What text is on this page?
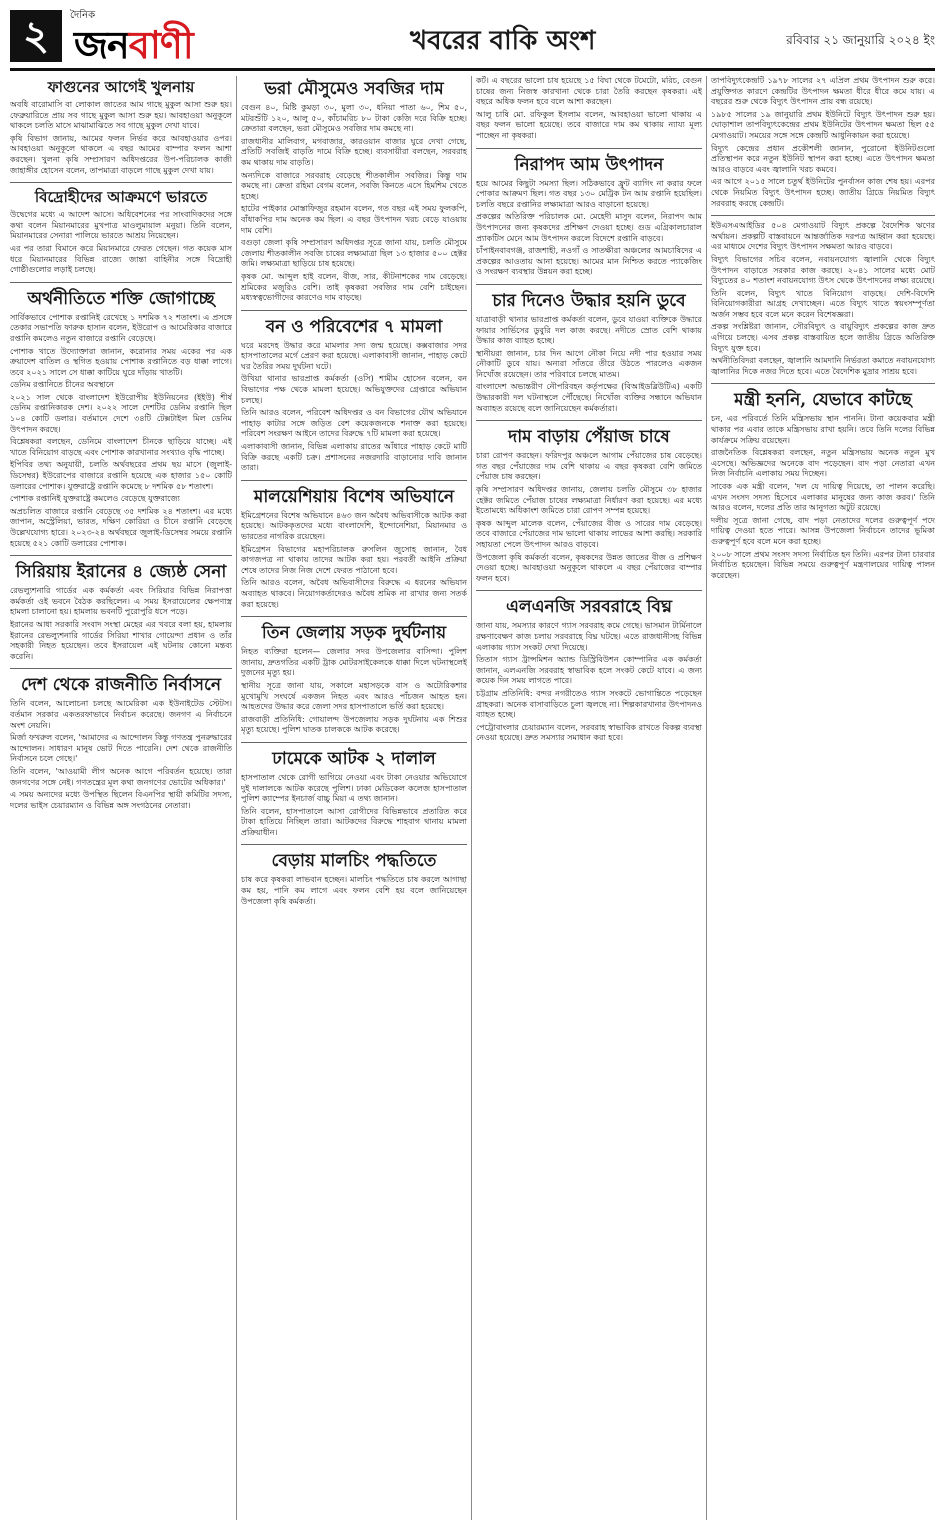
২	দৈনিক
জনবাণী	খবরের বাকি অংশ	রবিবার ২১ জানুয়ারি ২০২৪ ইং
ফাগুনের আগেই খুলনায়

অবধি বারোমাসি বা লোকাল জাতের আম গাছে মুকুল আসা শুরু হয়। ফেব্রুয়ারিতে প্রায় সব গাছে মুকুল আসা শুরু হয়। আবহাওয়া অনুকূলে থাকলে চলতি মাসে মাঝামাঝিতে সব গাছে মুকুল দেখা যাবে।

কৃষি বিভাগ জানায়, আমের ফলন নির্ভর করে আবহাওয়ার ওপর। আবহাওয়া অনুকূলে থাকলে এ বছর আমের বাম্পার ফলন আশা করছেন। খুলনা কৃষি সম্প্রসারণ অধিদপ্তরের উপ-পরিচালক কাজী জাহাঙ্গীর হোসেন বলেন, তাপমাত্রা বাড়লে গাছে মুকুল দেখা যায়।

বিদ্রোহীদের আক্রমণে ভারতে

উদ্বেগের মধ্যে এ আদেশ আসে। অধিবেশনের পর সাংবাদিকদের সঙ্গে কথা বলেন মিয়ানমারের মুখপাত্র মাওলুমায়াল মনুয়া। তিনি বলেন, মিয়ানমারের সেনারা পালিয়ে ভারতে আশ্রয় নিয়েছেন।

এর পর তারা বিমানে করে মিয়ানমারে ফেরত গেছেন। গত কয়েক মাস ধরে মিয়ানমারের বিভিন্ন রাজ্যে জান্তা বাহিনীর সঙ্গে বিদ্রোহী গোষ্ঠীগুলোর লড়াই চলছে।

অর্থনীতিতে শক্তি জোগাচ্ছে

সার্বিকভাবে পোশাক রপ্তানিই রেখেছে ১ দশমিক ৭২ শতাংশ। এ প্রসঙ্গে তেকার সভাপতি ফারুক হাসান বলেন, ইউরোপ ও আমেরিকার বাজারে রপ্তানি কমলেও নতুন বাজারে রপ্তানি বেড়েছে।

পোশাক খাতে উদ্যোক্তারা জানান, করোনার সময় একের পর এক ক্রয়াদেশ বাতিল ও স্থগিত হওয়ায় পোশাক রপ্তানিতে বড় ধাক্কা লাগে। তবে ২০২১ সালে সে ধাক্কা কাটিয়ে ঘুরে দাঁড়ায় খাতটি।

ডেনিম রপ্তানিতে চীনের অবস্থানে

২০২১ সাল থেকে বাংলাদেশ ইউরোপীয় ইউনিয়নের (ইইউ) শীর্ষ ডেনিম রপ্তানিকারক দেশ। ২০২২ সালে দেশটির ডেনিম রপ্তানি ছিল ১০৪ কোটি ডলার। বর্তমানে দেশে ৩৪টি টেক্সটাইল মিল ডেনিম উৎপাদন করছে।

বিশ্লেষকরা বলছেন, ডেনিমে বাংলাদেশ চীনকে ছাড়িয়ে যাচ্ছে। এই খাতে বিনিয়োগ বাড়ছে এবং পোশাক কারখানার সংখ্যাও বৃদ্ধি পাচ্ছে।

ইপিবির তথ্য অনুযায়ী, চলতি অর্থবছরের প্রথম ছয় মাসে (জুলাই-ডিসেম্বর) ইউরোপের বাজারে রপ্তানি হয়েছে এক হাজার ১৫০ কোটি ডলারের পোশাক। যুক্তরাষ্ট্রে রপ্তানি কমেছে ৮ দশমিক ৫৮ শতাংশ।

পোশাক রপ্তানিই যুক্তরাষ্ট্রে কমলেও বেড়েছে যুক্তরাজ্যে

অপ্রচলিত বাজারে রপ্তানি বেড়েছে ৩৫ দশমিক ২৪ শতাংশ। এর মধ্যে জাপান, অস্ট্রেলিয়া, ভারত, দক্ষিণ কোরিয়া ও চীনে রপ্তানি বেড়েছে উল্লেখযোগ্য হারে। ২০২৩-২৪ অর্থবছরে জুলাই-ডিসেম্বর সময়ে রপ্তানি হয়েছে ৫২১ কোটি ডলারের পোশাক।

সিরিয়ায় ইরানের ৪ জ্যেষ্ঠ সেনা

রেভল্যুশনারি গার্ডের এক কর্মকর্তা এবং সিরিয়ার বিভিন্ন নিরাপত্তা কর্মকর্তা ওই ভবনে বৈঠক করছিলেন। এ সময় ইসরায়েলের ক্ষেপণাস্ত্র হামলা চালানো হয়। হামলায় ভবনটি পুরোপুরি ধসে পড়ে।

ইরানের আধা সরকারি সংবাদ সংস্থা মেহের এর খবরে বলা হয়, হামলায় ইরানের রেভল্যুশনারি গার্ডের সিরিয়া শাখার গোয়েন্দা প্রধান ও তাঁর সহকারী নিহত হয়েছেন। তবে ইসরায়েল এই ঘটনায় কোনো মন্তব্য করেনি।

দেশ থেকে রাজনীতি নির্বাসনে

তিনি বলেন, আলোচনা চলছে আমেরিকা এক ইউনাইটেড স্টেটস। বর্তমান সরকার একতরফাভাবে নির্বাচন করেছে। জনগণ এ নির্বাচনে অংশ নেয়নি।

মির্জা ফখরুল বলেন, 'আমাদের এ আন্দোলন কিন্তু গণতন্ত্র পুনরুদ্ধারের আন্দোলন। সাধারণ মানুষ ভোট দিতে পারেনি। দেশ থেকে রাজনীতি নির্বাসনে চলে গেছে।'

তিনি বলেন, 'আওয়ামী লীগ অনেক আগে পরিবর্তন হয়েছে। তারা জনগণের সঙ্গে নেই। গণতন্ত্রের মূল কথা জনগণের ভোটের অধিকার।'

এ সময় অন্যদের মধ্যে উপস্থিত ছিলেন বিএনপির স্থায়ী কমিটির সদস্য, দলের ভাইস চেয়ারম্যান ও বিভিন্ন অঙ্গ সংগঠনের নেতারা।

ভরা মৌসুমেও সবজির দাম

বেগুন ৪০, মিষ্টি কুমড়া ৩০, মুলা ৩০, ধনিয়া পাতা ৬০, শিম ৫০, মটরশুঁটি ১২০, আলু ৫০, কাঁচামরিচ ৮০ টাকা কেজি দরে বিক্রি হচ্ছে। ক্রেতারা বলছেন, ভরা মৌসুমেও সবজির দাম কমছে না।

রাজধানীর মালিবাগ, মগবাজার, কারওয়ান বাজার ঘুরে দেখা গেছে, প্রতিটি সবজিই বাড়তি দামে বিক্রি হচ্ছে। ব্যবসায়ীরা বলছেন, সরবরাহ কম থাকায় দাম বাড়তি।

অন্যদিকে বাজারে সরবরাহ বেড়েছে শীতকালীন সবজির। কিন্তু দাম কমছে না। ক্রেতা রহিমা বেগম বলেন, সবজি কিনতে এসে হিমশিম খেতে হচ্ছে।

হাটের পাইকার মোস্তাফিজুর রহমান বলেন, গত বছর এই সময় ফুলকপি, বাঁধাকপির দাম অনেক কম ছিল। এ বছর উৎপাদন খরচ বেড়ে যাওয়ায় দাম বেশি।

বগুড়া জেলা কৃষি সম্প্রসারণ অধিদপ্তর সূত্রে জানা যায়, চলতি মৌসুমে জেলায় শীতকালীন সবজি চাষের লক্ষ্যমাত্রা ছিল ১৩ হাজার ৫০০ হেক্টর জমি। লক্ষ্যমাত্রা ছাড়িয়ে চাষ হয়েছে।

কৃষক মো. আব্দুল হাই বলেন, বীজ, সার, কীটনাশকের দাম বেড়েছে। শ্রমিকের মজুরিও বেশি। তাই কৃষকরা সবজির দাম বেশি চাইছেন। মধ্যস্বত্বভোগীদের কারণেও দাম বাড়ছে।

বন ও পরিবেশের ৭ মামলা

ঘরে মরদেহ উদ্ধার করে মামলার সদ্য জন্ম হয়েছে। কক্সবাজার সদর হাসপাতালের মর্গে প্রেরণ করা হয়েছে। এলাকাবাসী জানান, পাহাড় কেটে ঘর তৈরির সময় দুর্ঘটনা ঘটে।

উখিয়া থানার ভারপ্রাপ্ত কর্মকর্তা (ওসি) শামীম হোসেন বলেন, বন বিভাগের পক্ষ থেকে মামলা হয়েছে। অভিযুক্তদের গ্রেপ্তারে অভিযান চলছে।

তিনি আরও বলেন, পরিবেশ অধিদপ্তর ও বন বিভাগের যৌথ অভিযানে পাহাড় কাটার সঙ্গে জড়িত বেশ কয়েকজনকে শনাক্ত করা হয়েছে। পরিবেশ সংরক্ষণ আইনে তাদের বিরুদ্ধে ৭টি মামলা করা হয়েছে।

এলাকাবাসী জানান, বিভিন্ন এলাকায় রাতের আঁধারে পাহাড় কেটে মাটি বিক্রি করছে একটি চক্র। প্রশাসনের নজরদারি বাড়ানোর দাবি জানান তারা।

মালয়েশিয়ায় বিশেষ অভিযানে

ইমিগ্রেশনের বিশেষ অভিযানে ৪৬৩ জন অবৈধ অভিবাসীকে আটক করা হয়েছে। আটককৃতদের মধ্যে বাংলাদেশি, ইন্দোনেশিয়া, মিয়ানমার ও ভারতের নাগরিক রয়েছেন।

ইমিগ্রেশন বিভাগের মহাপরিচালক রুসলিন জুসোহ জানান, বৈধ কাগজপত্র না থাকায় তাদের আটক করা হয়। পরবর্তী আইনি প্রক্রিয়া শেষে তাদের নিজ নিজ দেশে ফেরত পাঠানো হবে।

তিনি আরও বলেন, অবৈধ অভিবাসীদের বিরুদ্ধে এ ধরনের অভিযান অব্যাহত থাকবে। নিয়োগকর্তাদেরও অবৈধ শ্রমিক না রাখার জন্য সতর্ক করা হয়েছে।

তিন জেলায় সড়ক দুর্ঘটনায়

নিহত ব্যক্তিরা হলেন— জেলার সদর উপজেলার বাসিন্দা। পুলিশ জানায়, দ্রুতগতির একটি ট্রাক মোটরসাইকেলকে ধাক্কা দিলে ঘটনাস্থলেই দুজনের মৃত্যু হয়।

স্থানীয় সূত্রে জানা যায়, সকালে মহাসড়কে বাস ও অটোরিকশার মুখোমুখি সংঘর্ষে একজন নিহত এবং আরও পাঁচজন আহত হন। আহতদের উদ্ধার করে জেলা সদর হাসপাতালে ভর্তি করা হয়েছে।

রাজবাড়ী প্রতিনিধি: গোয়ালন্দ উপজেলায় সড়ক দুর্ঘটনায় এক শিশুর মৃত্যু হয়েছে। পুলিশ ঘাতক চালককে আটক করেছে।

ঢামেকে আটক ২ দালাল

হাসপাতাল থেকে রোগী ভাগিয়ে নেওয়া এবং টাকা নেওয়ার অভিযোগে দুই দালালকে আটক করেছে পুলিশ। ঢাকা মেডিকেল কলেজ হাসপাতাল পুলিশ ক্যাম্পের ইনচার্জ বাচ্চু মিয়া এ তথ্য জানান।

তিনি বলেন, হাসপাতালে আসা রোগীদের বিভিন্নভাবে প্রতারিত করে টাকা হাতিয়ে নিচ্ছিল তারা। আটকদের বিরুদ্ধে শাহবাগ থানায় মামলা প্রক্রিয়াধীন।

বেড়ায় মালচিং পদ্ধতিতে

চাষ করে কৃষকরা লাভবান হচ্ছেন। মালচিং পদ্ধতিতে চাষ করলে আগাছা কম হয়, পানি কম লাগে এবং ফলন বেশি হয় বলে জানিয়েছেন উপজেলা কৃষি কর্মকর্তা।

কর্ট। এ বছরের ভালো চাষ হয়েছে ১৫ বিঘা থেকে টমেটো, মরিচ, বেগুন চাষের জন্য নিজস্ব কারখানা থেকে চারা তৈরি করছেন কৃষকরা। এই বছরে অধিক ফলন হবে বলে আশা করছেন।

আলু চাষি মো. রফিকুল ইসলাম বলেন, আবহাওয়া ভালো থাকায় এ বছর ফলন ভালো হয়েছে। তবে বাজারে দাম কম থাকায় ন্যায্য মূল্য পাচ্ছেন না কৃষকরা।

নিরাপদ আম উৎপাদন

হয়ে আমের কিছুটা সমস্যা ছিল। সঠিকভাবে ফ্রুট ব্যাগিং না করার ফলে পোকার আক্রমণ ছিল। গত বছর ১৩০ মেট্রিক টন আম রপ্তানি হয়েছিল। চলতি বছরে রপ্তানির লক্ষ্যমাত্রা আরও বাড়ানো হয়েছে।

প্রকল্পের অতিরিক্ত পরিচালক মো. মেহেদী মাসুদ বলেন, নিরাপদ আম উৎপাদনের জন্য কৃষকদের প্রশিক্ষণ দেওয়া হচ্ছে। গুড এগ্রিকালচারাল প্র্যাকটিস মেনে আম উৎপাদন করলে বিদেশে রপ্তানি বাড়বে।

চাঁপাইনবাবগঞ্জ, রাজশাহী, নওগাঁ ও সাতক্ষীরা অঞ্চলের আমচাষিদের এ প্রকল্পের আওতায় আনা হয়েছে। আমের মান নিশ্চিত করতে প্যাকেজিং ও সংরক্ষণ ব্যবস্থার উন্নয়ন করা হচ্ছে।

চার দিনেও উদ্ধার হয়নি ডুবে

যাত্রাবাড়ী থানার ভারপ্রাপ্ত কর্মকর্তা বলেন, ডুবে যাওয়া ব্যক্তিকে উদ্ধারে ফায়ার সার্ভিসের ডুবুরি দল কাজ করছে। নদীতে স্রোত বেশি থাকায় উদ্ধার কাজ ব্যাহত হচ্ছে।

স্থানীয়রা জানান, চার দিন আগে নৌকা নিয়ে নদী পার হওয়ার সময় নৌকাটি ডুবে যায়। অন্যরা সাঁতরে তীরে উঠতে পারলেও একজন নিখোঁজ রয়েছেন। তার পরিবারে চলছে মাতম।

বাংলাদেশ অভ্যন্তরীণ নৌপরিবহন কর্তৃপক্ষের (বিআইডব্লিউটিএ) একটি উদ্ধারকারী দল ঘটনাস্থলে পৌঁছেছে। নিখোঁজ ব্যক্তির সন্ধানে অভিযান অব্যাহত রয়েছে বলে জানিয়েছেন কর্মকর্তারা।

দাম বাড়ায় পেঁয়াজ চাষে

চারা রোপণ করছেন। ফরিদপুর অঞ্চলে আগাম পেঁয়াজের চাষ বেড়েছে। গত বছর পেঁয়াজের দাম বেশি থাকায় এ বছর কৃষকরা বেশি জমিতে পেঁয়াজ চাষ করছেন।

কৃষি সম্প্রসারণ অধিদপ্তর জানায়, জেলায় চলতি মৌসুমে ৩৮ হাজার হেক্টর জমিতে পেঁয়াজ চাষের লক্ষ্যমাত্রা নির্ধারণ করা হয়েছে। এর মধ্যে ইতোমধ্যে অধিকাংশ জমিতে চারা রোপণ সম্পন্ন হয়েছে।

কৃষক আব্দুল মালেক বলেন, পেঁয়াজের বীজ ও সারের দাম বেড়েছে। তবে বাজারে পেঁয়াজের দাম ভালো থাকায় লাভের আশা করছি। সরকারি সহায়তা পেলে উৎপাদন আরও বাড়বে।

উপজেলা কৃষি কর্মকর্তা বলেন, কৃষকদের উন্নত জাতের বীজ ও প্রশিক্ষণ দেওয়া হচ্ছে। আবহাওয়া অনুকূলে থাকলে এ বছর পেঁয়াজের বাম্পার ফলন হবে।

এলএনজি সরবরাহে বিঘ্ন

জানা যায়, সমস্যার কারণে গ্যাস সরবরাহ কমে গেছে। ভাসমান টার্মিনালে রক্ষণাবেক্ষণ কাজ চলায় সরবরাহে বিঘ্ন ঘটছে। এতে রাজধানীসহ বিভিন্ন এলাকায় গ্যাস সংকট দেখা দিয়েছে।

তিতাস গ্যাস ট্রান্সমিশন অ্যান্ড ডিস্ট্রিবিউশন কোম্পানির এক কর্মকর্তা জানান, এলএনজি সরবরাহ স্বাভাবিক হলে সংকট কেটে যাবে। এ জন্য কয়েক দিন সময় লাগতে পারে।

চট্টগ্রাম প্রতিনিধি: বন্দর নগরীতেও গ্যাস সংকটে ভোগান্তিতে পড়েছেন গ্রাহকরা। অনেক বাসাবাড়িতে চুলা জ্বলছে না। শিল্পকারখানার উৎপাদনও ব্যাহত হচ্ছে।

পেট্রোবাংলার চেয়ারম্যান বলেন, সরবরাহ স্বাভাবিক রাখতে বিকল্প ব্যবস্থা নেওয়া হয়েছে। দ্রুত সমস্যার সমাধান করা হবে।

তাপবিদ্যুৎকেন্দ্রটি ১৯৭৮ সালের ২৭ এপ্রিল প্রথম উৎপাদন শুরু করে। প্রযুক্তিগত কারণে কেন্দ্রটির উৎপাদন ক্ষমতা ধীরে ধীরে কমে যায়। এ বছরের শুরু থেকে বিদ্যুৎ উৎপাদন প্রায় বন্ধ রয়েছে।

১৯৮৫ সালের ১৯ জানুয়ারি প্রথম ইউনিটে বিদ্যুৎ উৎপাদন শুরু হয়। ঘোড়াশাল তাপবিদ্যুৎকেন্দ্রের প্রথম ইউনিটের উৎপাদন ক্ষমতা ছিল ৫৫ মেগাওয়াট। সময়ের সঙ্গে সঙ্গে কেন্দ্রটি আধুনিকায়ন করা হয়েছে।

বিদ্যুৎ কেন্দ্রের প্রধান প্রকৌশলী জানান, পুরোনো ইউনিটগুলো প্রতিস্থাপন করে নতুন ইউনিট স্থাপন করা হচ্ছে। এতে উৎপাদন ক্ষমতা আরও বাড়বে এবং জ্বালানি খরচ কমবে।

এর আগে ২০১৫ সালে চতুর্থ ইউনিটের পুনর্বাসন কাজ শেষ হয়। এরপর থেকে নিয়মিত বিদ্যুৎ উৎপাদন হচ্ছে। জাতীয় গ্রিডে নিয়মিত বিদ্যুৎ সরবরাহ করছে কেন্দ্রটি।

ইউএসএআইডির ৫০৪ মেগাওয়াট বিদ্যুৎ প্রকল্পে বৈদেশিক ঋণের অর্থায়ন। প্রকল্পটি বাস্তবায়নে আন্তর্জাতিক দরপত্র আহ্বান করা হয়েছে। এর মাধ্যমে দেশের বিদ্যুৎ উৎপাদন সক্ষমতা আরও বাড়বে।

বিদ্যুৎ বিভাগের সচিব বলেন, নবায়নযোগ্য জ্বালানি থেকে বিদ্যুৎ উৎপাদন বাড়াতে সরকার কাজ করছে। ২০৪১ সালের মধ্যে মোট বিদ্যুতের ৪০ শতাংশ নবায়নযোগ্য উৎস থেকে উৎপাদনের লক্ষ্য রয়েছে।

তিনি বলেন, বিদ্যুৎ খাতে বিনিয়োগ বাড়ছে। দেশি-বিদেশি বিনিয়োগকারীরা আগ্রহ দেখাচ্ছেন। এতে বিদ্যুৎ খাতে স্বয়ংসম্পূর্ণতা অর্জন সম্ভব হবে বলে মনে করেন বিশেষজ্ঞরা।

প্রকল্প সংশ্লিষ্টরা জানান, সৌরবিদ্যুৎ ও বায়ুবিদ্যুৎ প্রকল্পের কাজ দ্রুত এগিয়ে চলছে। এসব প্রকল্প বাস্তবায়িত হলে জাতীয় গ্রিডে অতিরিক্ত বিদ্যুৎ যুক্ত হবে।

অর্থনীতিবিদরা বলছেন, জ্বালানি আমদানি নির্ভরতা কমাতে নবায়নযোগ্য জ্বালানির দিকে নজর দিতে হবে। এতে বৈদেশিক মুদ্রার সাশ্রয় হবে।

মন্ত্রী হননি, যেভাবে কাটছে

চন, এর পরিবর্তে তিনি মন্ত্রিসভায় স্থান পাননি। টানা কয়েকবার মন্ত্রী থাকার পর এবার তাকে মন্ত্রিসভায় রাখা হয়নি। তবে তিনি দলের বিভিন্ন কার্যক্রমে সক্রিয় রয়েছেন।

রাজনৈতিক বিশ্লেষকরা বলছেন, নতুন মন্ত্রিসভায় অনেক নতুন মুখ এসেছে। অভিজ্ঞদের অনেকে বাদ পড়েছেন। বাদ পড়া নেতারা এখন নিজ নির্বাচনি এলাকায় সময় দিচ্ছেন।

সাবেক এক মন্ত্রী বলেন, 'দল যে দায়িত্ব দিয়েছে, তা পালন করেছি। এখন সংসদ সদস্য হিসেবে এলাকার মানুষের জন্য কাজ করব।' তিনি আরও বলেন, দলের প্রতি তার আনুগত্য অটুট রয়েছে।

দলীয় সূত্রে জানা গেছে, বাদ পড়া নেতাদের দলের গুরুত্বপূর্ণ পদে দায়িত্ব দেওয়া হতে পারে। আসন্ন উপজেলা নির্বাচনে তাদের ভূমিকা গুরুত্বপূর্ণ হবে বলে মনে করা হচ্ছে।

২০০৮ সালে প্রথম সংসদ সদস্য নির্বাচিত হন তিনি। এরপর টানা চারবার নির্বাচিত হয়েছেন। বিভিন্ন সময়ে গুরুত্বপূর্ণ মন্ত্রণালয়ের দায়িত্ব পালন করেছেন।
